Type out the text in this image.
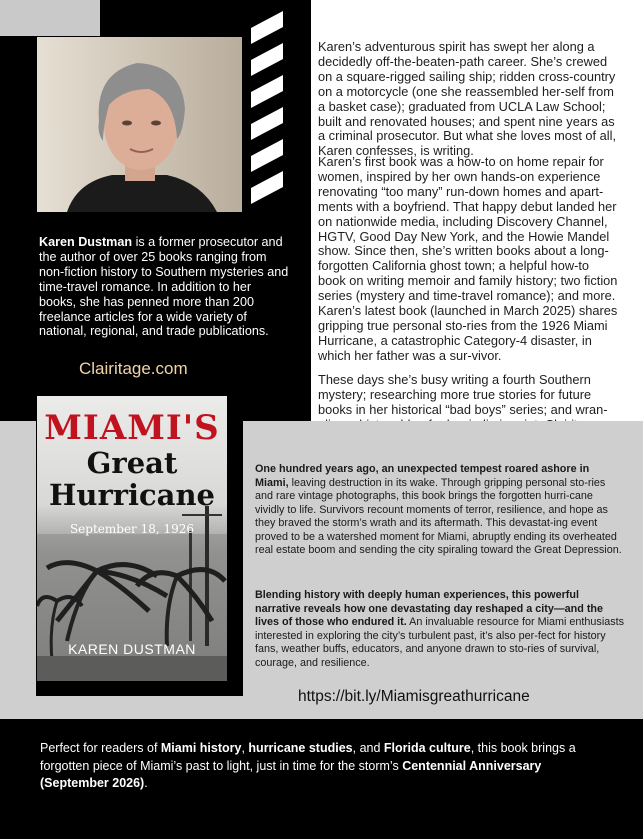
Karen Dustman is a former prosecutor and the author of over 25 books ranging from non-fiction history to Southern mysteries and time-travel romance. In addition to her books, she has penned more than 200 freelance articles for a wide variety of national, regional, and trade publications.
Clairitage.com
Karen’s adventurous spirit has swept her along a decidedly off-the-beaten-path career. She’s crewed on a square-rigged sailing ship; ridden cross-country on a motorcycle (one she reassembled her-self from a basket case); graduated from UCLA Law School; built and renovated houses; and spent nine years as a criminal prosecutor. But what she loves most of all, Karen confesses, is writing.
Karen’s first book was a how-to on home repair for women, inspired by her own hands-on experience renovating “too many” run-down homes and apart-ments with a boyfriend. That happy debut landed her on nationwide media, including Discovery Channel, HGTV, Good Day New York, and the Howie Mandel show. Since then, she’s written books about a long-forgotten California ghost town; a helpful how-to book on writing memoir and family history; two fiction series (mystery and time-travel romance); and more. Karen’s latest book (launched in March 2025) shares gripping true personal sto-ries from the 1926 Miami Hurricane, a catastrophic Category-4 disaster, in which her father was a sur-vivor.
These days she’s busy writing a fourth Southern mystery; researching more true stories for future books in her historical “bad boys” series; and wran-
MIAMI'S
Great
Hurricane
September 18, 1926
KAREN DUSTMAN
One hundred years ago, an unexpected tempest roared ashore in Miami, leaving destruction in its wake. Through gripping personal sto-ries and rare vintage photographs, this book brings the forgotten hurri-cane vividly to life. Survivors recount moments of terror, resilience, and hope as they braved the storm’s wrath and its aftermath. This devastat-ing event proved to be a watershed moment for Miami, abruptly ending its overheated real estate boom and sending the city spiraling toward the Great Depression.
Blending history with deeply human experiences, this powerful narrative reveals how one devastating day reshaped a city—and the lives of those who endured it. An invaluable resource for Miami enthusiasts interested in exploring the city’s turbulent past, it’s also per-fect for history fans, weather buffs, educators, and anyone drawn to sto-ries of survival, courage, and resilience.
https://bit.ly/Miamisgreathurricane
Perfect for readers of Miami history, hurricane studies, and Florida culture, this book brings a forgotten piece of Miami’s past to light, just in time for the storm’s Centennial Anniversary (September 2026).
